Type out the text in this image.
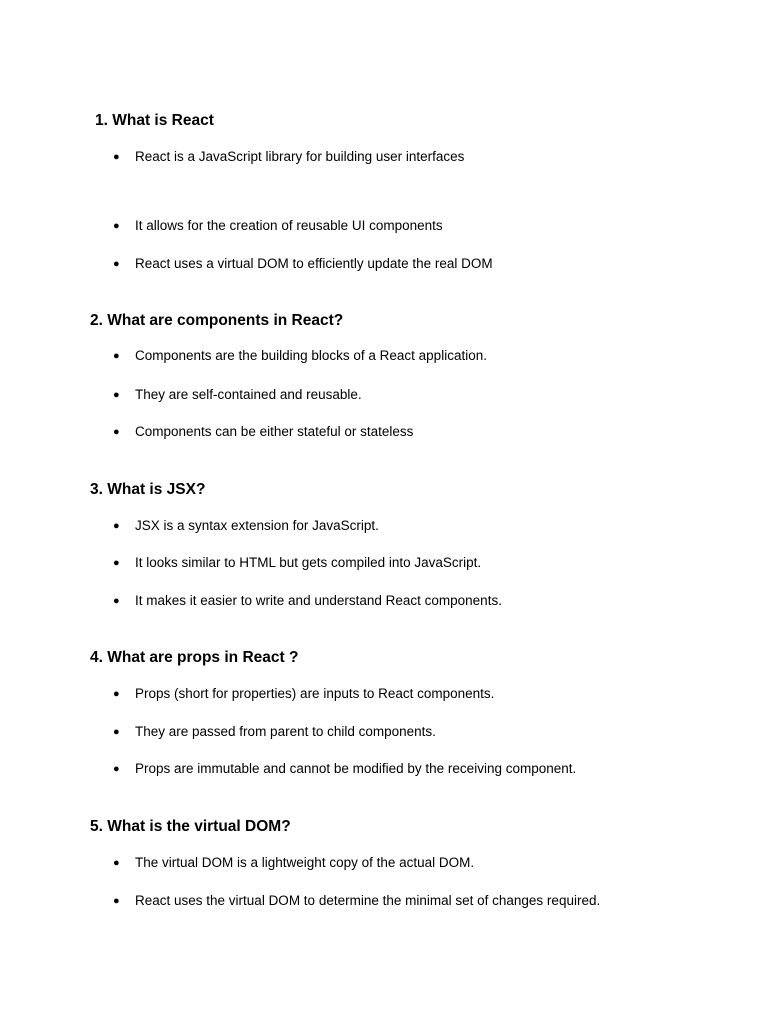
1. What is React
● React is a JavaScript library for building user interfaces
● It allows for the creation of reusable UI components
● React uses a virtual DOM to efficiently update the real DOM
2. What are components in React?
● Components are the building blocks of a React application.
● They are self-contained and reusable.
● Components can be either stateful or stateless
3. What is JSX?
● JSX is a syntax extension for JavaScript.
● It looks similar to HTML but gets compiled into JavaScript.
● It makes it easier to write and understand React components.
4. What are props in React ?
● Props (short for properties) are inputs to React components.
● They are passed from parent to child components.
● Props are immutable and cannot be modified by the receiving component.
5. What is the virtual DOM?
● The virtual DOM is a lightweight copy of the actual DOM.
● React uses the virtual DOM to determine the minimal set of changes required.
